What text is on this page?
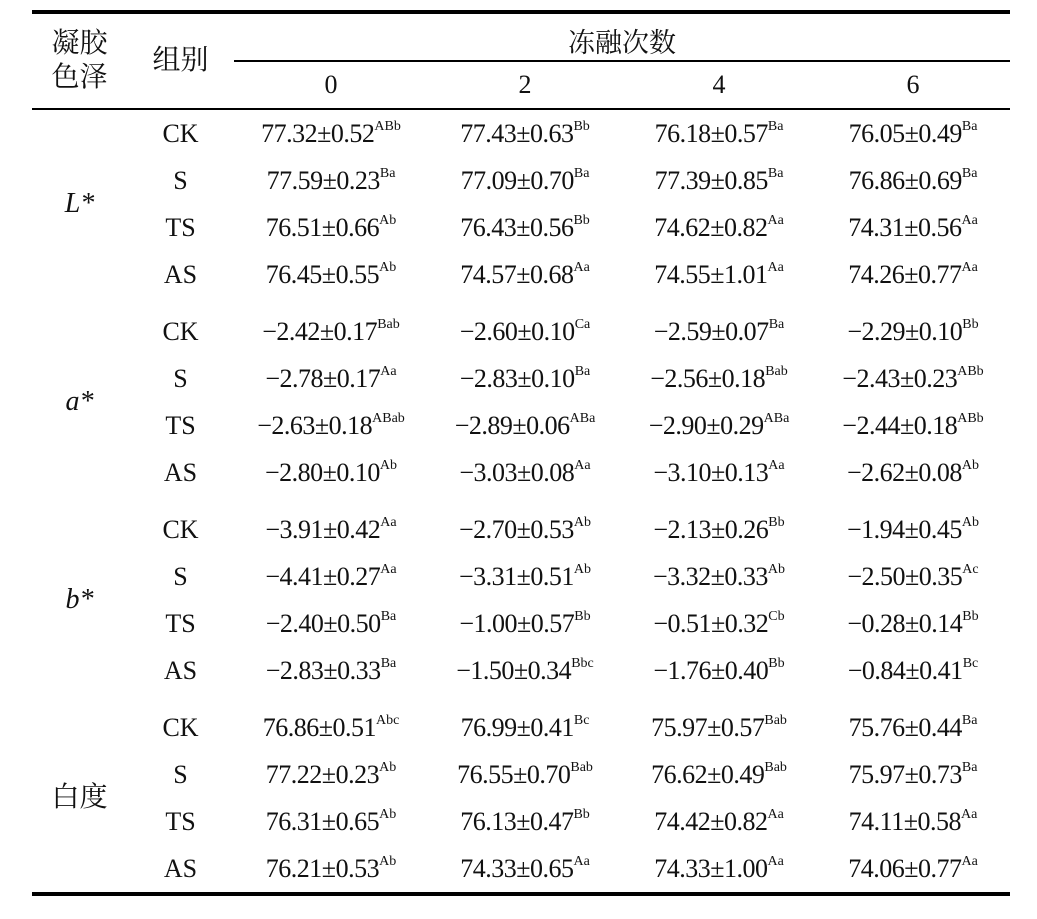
凝胶
色泽	组别	冻融次数			
		0	2	4	6
L*	CK	$77.32\pm 0.52^{ABb}$	$77.43\pm 0.63^{Bb}$	$76.18\pm 0.57^{Ba}$	$76.05\pm 0.49^{Ba}$
	S	$77.59\pm 0.23^{Ba}$	$77.09\pm 0.70^{Ba}$	$77.39\pm 0.85^{Ba}$	$76.86\pm 0.69^{Ba}$
	TS	$76.51\pm 0.66^{Ab}$	$76.43\pm 0.56^{Bb}$	$74.62\pm 0.82^{Aa}$	$74.31\pm 0.56^{Aa}$
	AS	$76.45\pm 0.55^{Ab}$	$74.57\pm 0.68^{Aa}$	$74.55\pm 1.01^{Aa}$	$74.26\pm 0.77^{Aa}$

a*	CK	$-2.42\pm 0.17^{Bab}$	$-2.60\pm 0.10^{Ca}$	$-2.59\pm 0.07^{Ba}$	$-2.29\pm 0.10^{Bb}$
	S	$-2.78\pm 0.17^{Aa}$	$-2.83\pm 0.10^{Ba}$	$-2.56\pm 0.18^{Bab}$	$-2.43\pm 0.23^{ABb}$
	TS	$-2.63\pm 0.18^{ABab}$	$-2.89\pm 0.06^{ABa}$	$-2.90\pm 0.29^{ABa}$	$-2.44\pm 0.18^{ABb}$
	AS	$-2.80\pm 0.10^{Ab}$	$-3.03\pm 0.08^{Aa}$	$-3.10\pm 0.13^{Aa}$	$-2.62\pm 0.08^{Ab}$

b*	CK	$-3.91\pm 0.42^{Aa}$	$-2.70\pm 0.53^{Ab}$	$-2.13\pm 0.26^{Bb}$	$-1.94\pm 0.45^{Ab}$
	S	$-4.41\pm 0.27^{Aa}$	$-3.31\pm 0.51^{Ab}$	$-3.32\pm 0.33^{Ab}$	$-2.50\pm 0.35^{Ac}$
	TS	$-2.40\pm 0.50^{Ba}$	$-1.00\pm 0.57^{Bb}$	$-0.51\pm 0.32^{Cb}$	$-0.28\pm 0.14^{Bb}$
	AS	$-2.83\pm 0.33^{Ba}$	$-1.50\pm 0.34^{Bbc}$	$-1.76\pm 0.40^{Bb}$	$-0.84\pm 0.41^{Bc}$

白度	CK	$76.86\pm 0.51^{Abc}$	$76.99\pm 0.41^{Bc}$	$75.97\pm 0.57^{Bab}$	$75.76\pm 0.44^{Ba}$
	S	$77.22\pm 0.23^{Ab}$	$76.55\pm 0.70^{Bab}$	$76.62\pm 0.49^{Bab}$	$75.97\pm 0.73^{Ba}$
	TS	$76.31\pm 0.65^{Ab}$	$76.13\pm 0.47^{Bb}$	$74.42\pm 0.82^{Aa}$	$74.11\pm 0.58^{Aa}$
	AS	$76.21\pm 0.53^{Ab}$	$74.33\pm 0.65^{Aa}$	$74.33\pm 1.00^{Aa}$	$74.06\pm 0.77^{Aa}$
